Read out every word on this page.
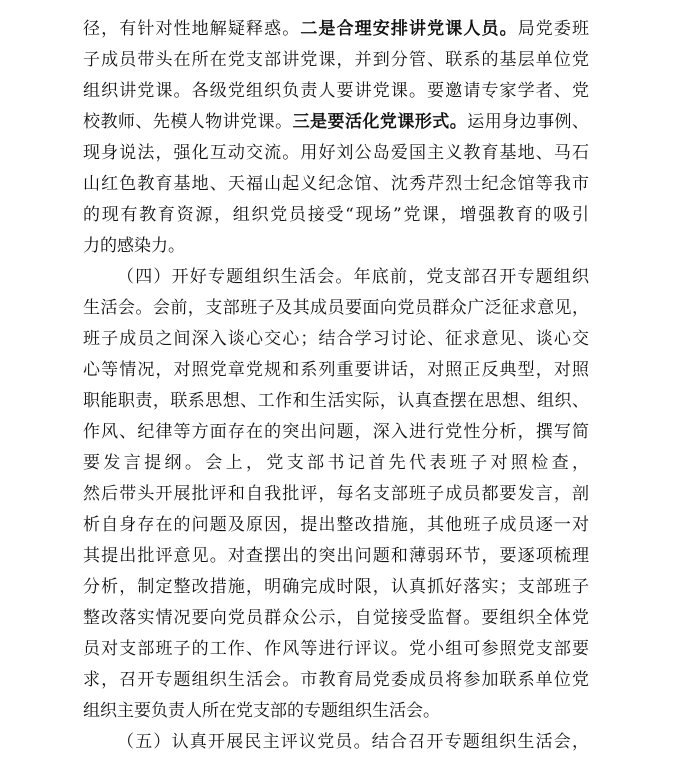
径，有针对性地解疑释惑。二是合理安排讲党课人员。局党委班
子成员带头在所在党支部讲党课，并到分管、联系的基层单位党
组织讲党课。各级党组织负责人要讲党课。要邀请专家学者、党
校教师、先模人物讲党课。三是要活化党课形式。运用身边事例、
现身说法，强化互动交流。用好刘公岛爱国主义教育基地、马石
山红色教育基地、天福山起义纪念馆、沈秀芹烈士纪念馆等我市
的现有教育资源，组织党员接受“现场”党课，增强教育的吸引
力的感染力。
（四）开好专题组织生活会。年底前，党支部召开专题组织
生活会。会前，支部班子及其成员要面向党员群众广泛征求意见，
班子成员之间深入谈心交心；结合学习讨论、征求意见、谈心交
心等情况，对照党章党规和系列重要讲话，对照正反典型，对照
职能职责，联系思想、工作和生活实际，认真查摆在思想、组织、
作风、纪律等方面存在的突出问题，深入进行党性分析，撰写简
要发言提纲。会上，党支部书记首先代表班子对照检查，
然后带头开展批评和自我批评，每名支部班子成员都要发言，剖
析自身存在的问题及原因，提出整改措施，其他班子成员逐一对
其提出批评意见。对查摆出的突出问题和薄弱环节，要逐项梳理
分析，制定整改措施，明确完成时限，认真抓好落实；支部班子
整改落实情况要向党员群众公示，自觉接受监督。要组织全体党
员对支部班子的工作、作风等进行评议。党小组可参照党支部要
求，召开专题组织生活会。市教育局党委成员将参加联系单位党
组织主要负责人所在党支部的专题组织生活会。
（五）认真开展民主评议党员。结合召开专题组织生活会，
